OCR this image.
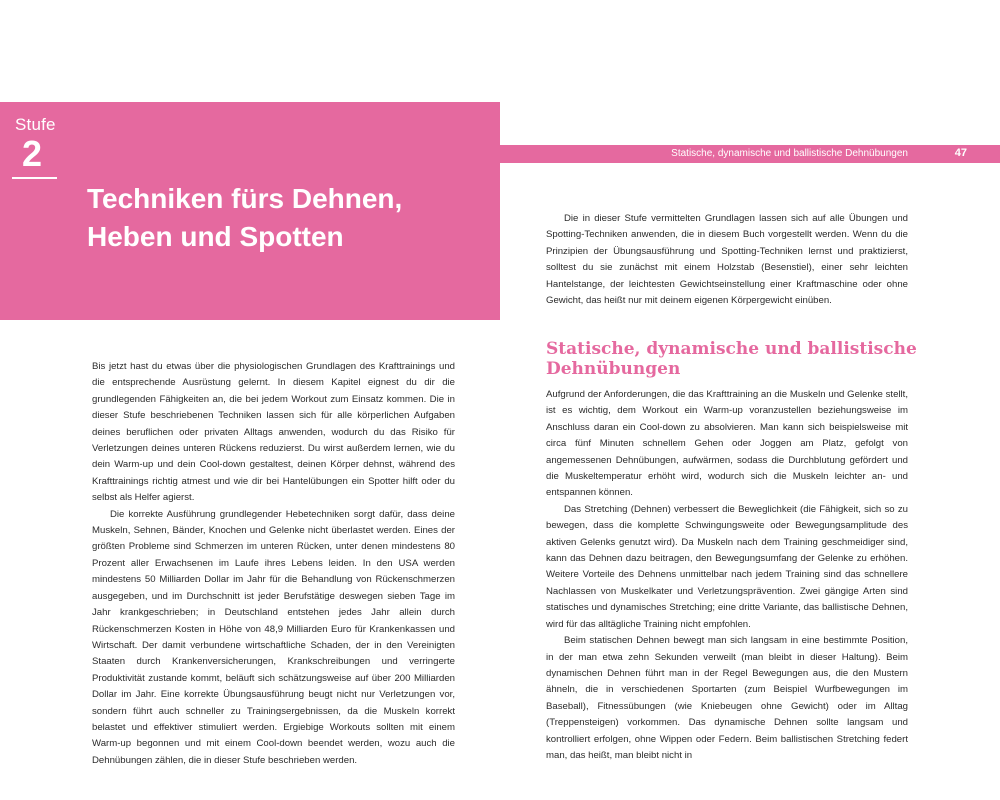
Stufe
2
Techniken fürs Dehnen, Heben und Spotten
Statische, dynamische und ballistische Dehnübungen	47

Bis jetzt hast du etwas über die physiologischen Grundlagen des Krafttrainings und die entsprechende Ausrüstung gelernt. In diesem Kapitel eignest du dir die grundlegenden Fähigkeiten an, die bei jedem Workout zum Einsatz kommen. Die in dieser Stufe beschriebenen Techniken lassen sich für alle körperlichen Aufgaben deines beruflichen oder privaten Alltags anwenden, wodurch du das Risiko für Verletzungen deines unteren Rückens reduzierst. Du wirst außerdem lernen, wie du dein Warm-up und dein Cool-down gestaltest, deinen Körper dehnst, während des Krafttrainings richtig atmest und wie dir bei Hantelübungen ein Spotter hilft oder du selbst als Helfer agierst.

Die korrekte Ausführung grundlegender Hebetechniken sorgt dafür, dass deine Muskeln, Sehnen, Bänder, Knochen und Gelenke nicht überlastet werden. Eines der größten Probleme sind Schmerzen im unteren Rücken, unter denen mindestens 80 Prozent aller Erwachsenen im Laufe ihres Lebens leiden. In den USA werden mindestens 50 Milliarden Dollar im Jahr für die Behandlung von Rückenschmerzen ausgegeben, und im Durchschnitt ist jeder Berufstätige deswegen sieben Tage im Jahr krankgeschrieben; in Deutschland entstehen jedes Jahr allein durch Rückenschmerzen Kosten in Höhe von 48,9 Milliarden Euro für Krankenkassen und Wirtschaft. Der damit verbundene wirtschaftliche Schaden, der in den Vereinigten Staaten durch Krankenversicherungen, Krankschreibungen und verringerte Produktivität zustande kommt, beläuft sich schätzungsweise auf über 200 Milliarden Dollar im Jahr. Eine korrekte Übungsausführung beugt nicht nur Verletzungen vor, sondern führt auch schneller zu Trainingsergebnissen, da die Muskeln korrekt belastet und effektiver stimuliert werden. Ergiebige Workouts sollten mit einem Warm-up begonnen und mit einem Cool-down beendet werden, wozu auch die Dehnübungen zählen, die in dieser Stufe beschrieben werden.

Die in dieser Stufe vermittelten Grundlagen lassen sich auf alle Übungen und Spotting-Techniken anwenden, die in diesem Buch vorgestellt werden. Wenn du die Prinzipien der Übungsausführung und Spotting-Techniken lernst und praktizierst, solltest du sie zunächst mit einem Holzstab (Besenstiel), einer sehr leichten Hantelstange, der leichtesten Gewichtseinstellung einer Kraftmaschine oder ohne Gewicht, das heißt nur mit deinem eigenen Körpergewicht einüben.

Statische, dynamische und ballistische Dehnübungen

Aufgrund der Anforderungen, die das Krafttraining an die Muskeln und Gelenke stellt, ist es wichtig, dem Workout ein Warm-up voranzustellen beziehungsweise im Anschluss daran ein Cool-down zu absolvieren. Man kann sich beispielsweise mit circa fünf Minuten schnellem Gehen oder Joggen am Platz, gefolgt von angemessenen Dehnübungen, aufwärmen, sodass die Durchblutung gefördert und die Muskeltemperatur erhöht wird, wodurch sich die Muskeln leichter an- und entspannen können.

Das Stretching (Dehnen) verbessert die Beweglichkeit (die Fähigkeit, sich so zu bewegen, dass die komplette Schwingungsweite oder Bewegungsamplitude des aktiven Gelenks genutzt wird). Da Muskeln nach dem Training geschmeidiger sind, kann das Dehnen dazu beitragen, den Bewegungsumfang der Gelenke zu erhöhen. Weitere Vorteile des Dehnens unmittelbar nach jedem Training sind das schnellere Nachlassen von Muskelkater und Verletzungsprävention. Zwei gängige Arten sind statisches und dynamisches Stretching; eine dritte Variante, das ballistische Dehnen, wird für das alltägliche Training nicht empfohlen.

Beim statischen Dehnen bewegt man sich langsam in eine bestimmte Position, in der man etwa zehn Sekunden verweilt (man bleibt in dieser Haltung). Beim dynamischen Dehnen führt man in der Regel Bewegungen aus, die den Mustern ähneln, die in verschiedenen Sportarten (zum Beispiel Wurfbewegungen im Baseball), Fitnessübungen (wie Kniebeugen ohne Gewicht) oder im Alltag (Treppensteigen) vorkommen. Das dynamische Dehnen sollte langsam und kontrolliert erfolgen, ohne Wippen oder Federn. Beim ballistischen Stretching federt man, das heißt, man bleibt nicht in
